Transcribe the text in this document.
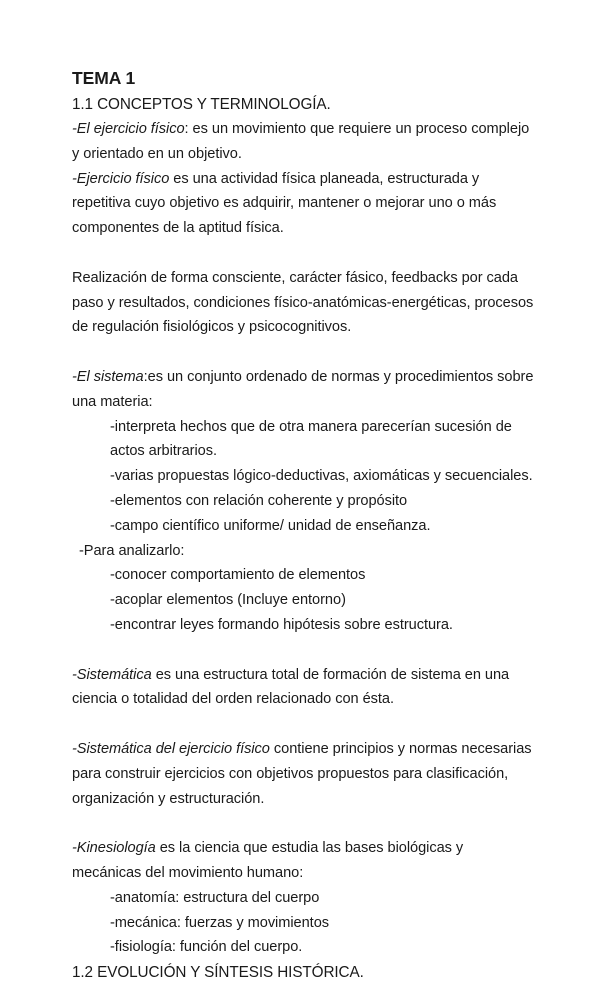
TEMA 1
1.1 CONCEPTOS Y TERMINOLOGÍA.

-El ejercicio físico: es un movimiento que requiere un proceso complejo y orientado en un objetivo.

-Ejercicio físico es una actividad física planeada, estructurada y repetitiva cuyo objetivo es adquirir, mantener o mejorar uno o más componentes de la aptitud física.

Realización de forma consciente, carácter fásico, feedbacks por cada paso y resultados, condiciones físico-anatómicas-energéticas, procesos de regulación fisiológicos y psicocognitivos.

-El sistema:es un conjunto ordenado de normas y procedimientos sobre una materia:

-interpreta hechos que de otra manera parecerían sucesión de actos arbitrarios.

-varias propuestas lógico-deductivas, axiomáticas y secuenciales.

-elementos con relación coherente y propósito

-campo científico uniforme/ unidad de enseñanza.

-Para analizarlo:

-conocer comportamiento de elementos

-acoplar elementos (Incluye entorno)

-encontrar leyes formando hipótesis sobre estructura.

-Sistemática es una estructura total de formación de sistema en una ciencia o totalidad del orden relacionado con ésta.

-Sistemática del ejercicio físico contiene principios y normas necesarias para construir ejercicios con objetivos propuestos para clasificación, organización y estructuración.

-Kinesiología es la ciencia que estudia las bases biológicas y mecánicas del movimiento humano:

-anatomía: estructura del cuerpo

-mecánica: fuerzas y movimientos

-fisiología: función del cuerpo.

1.2 EVOLUCIÓN Y SÍNTESIS HISTÓRICA.
